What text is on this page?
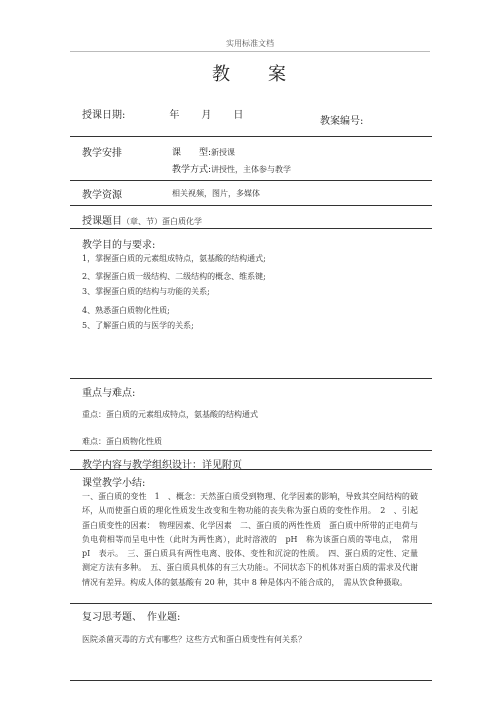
实用标准文档
教 案
授课日期:	年 月 日
教案编号:
教学安排	课　　型:新授课
教学方式:讲授性，主体参与教学
教学资源	相关视频，图片，多媒体
授课题目（章、节）蛋白质化学
教学目的与要求:
1，掌握蛋白质的元素组成特点，氨基酸的结构通式;
2、掌握蛋白质一级结构、二级结构的概念、维系键;
3、掌握蛋白质的结构与功能的关系;
4、熟悉蛋白质物化性质;
5、了解蛋白质的与医学的关系;
重点与难点:
重点：蛋白质的元素组成特点，氨基酸的结构通式
难点：蛋白质物化性质
教学内容与教学组织设计：详见附页
课堂教学小结:
一、蛋白质的变性　1　、概念：天然蛋白质受到物理、化学因素的影响，导致其空间结构的破坏，从而使蛋白质的理化性质发生改变和生物功能的丧失称为蛋白质的变性作用。　2　、引起蛋白质变性的因素：　物理因素、化学因素　二、蛋白质的两性性质　蛋白质中所带的正电荷与负电荷相等而呈电中性（此时为两性离），此时溶液的　pH　称为该蛋白质的等电点，　常用　pI　表示。　三、蛋白质具有两性电离、胶体、变性和沉淀的性质。　四、蛋白质的定性、定量测定方法有多种。　五、蛋白质具机体的有三大功能:。不同状态下的机体对蛋白质的需求及代谢情况有差异。构成人体的氨基酸有 20 种，其中 8 种是体内不能合成的，　需从饮食种摄取。
复习思考题、　作业题:
医院杀菌灭毒的方式有哪些？这些方式和蛋白质变性有何关系？
